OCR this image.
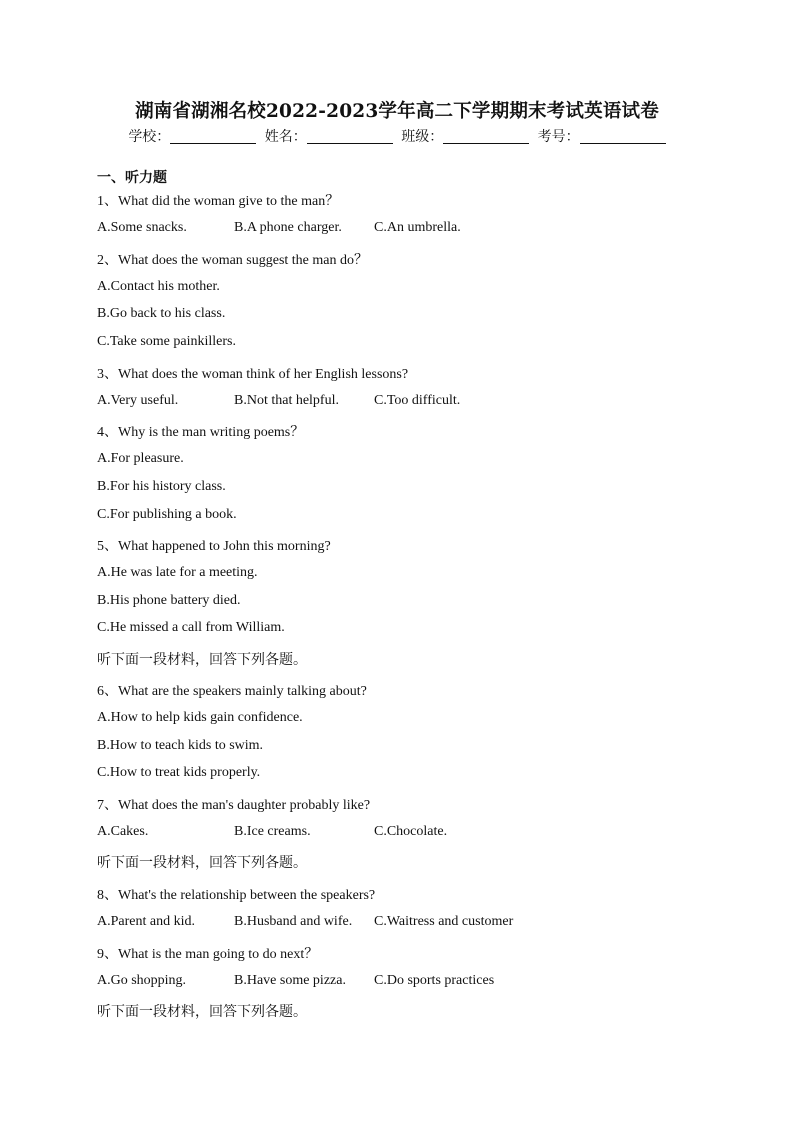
湖南省湖湘名校2022-2023学年高二下学期期末考试英语试卷
学校：	姓名：	班级：	考号：
一、听力题
1、What did the woman give to the man？
A.Some snacks.	B.A phone charger. C.An umbrella.
2、What does the woman suggest the man do？
A.Contact his mother.
B.Go back to his class.
C.Take some painkillers.
3、What does the woman think of her English lessons?
A.Very useful.	B.Not that helpful.	C.Too difficult.
4、Why is the man writing poems？
A.For pleasure.
B.For his history class.
C.For publishing a book.
5、What happened to John this morning?
A.He was late for a meeting.
B.His phone battery died.
C.He missed a call from William.
听下面一段材料，回答下列各题。
6、What are the speakers mainly talking about?
A.How to help kids gain confidence.
B.How to teach kids to swim.
C.How to treat kids properly.
7、What does the man's daughter probably like?
A.Cakes.	B.Ice creams.	C.Chocolate.
听下面一段材料，回答下列各题。
8、What's the relationship between the speakers?
A.Parent and kid.	B.Husband and wife. C.Waitress and customer
9、What is the man going to do next？
A.Go shopping.	B.Have some pizza. C.Do sports practices
听下面一段材料，回答下列各题。
